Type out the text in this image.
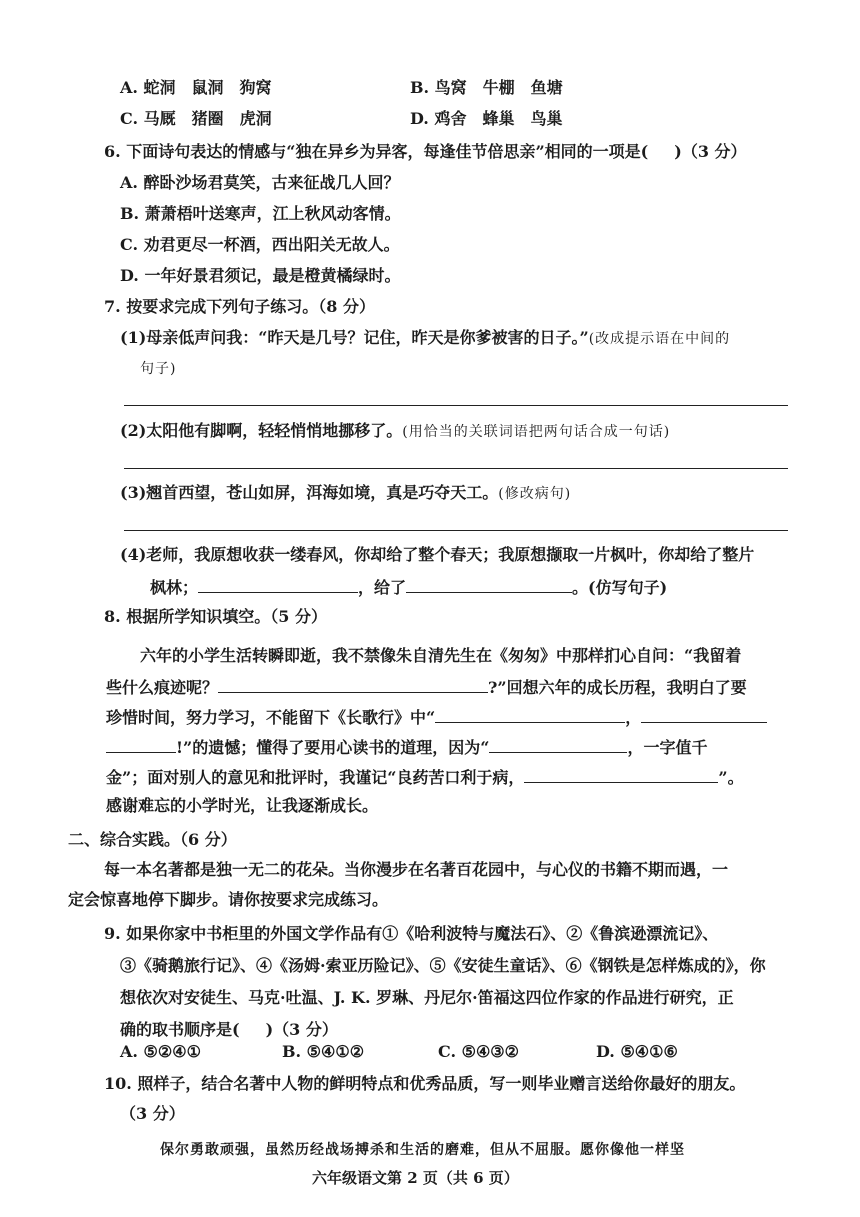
A. 蛇洞　鼠洞　狗窝	B. 鸟窝　牛棚　鱼塘
C. 马厩　猪圈　虎洞	D. 鸡舍　蜂巢　鸟巢
6. 下面诗句表达的情感与“独在异乡为异客，每逢佳节倍思亲”相同的一项是( )（3 分）
A. 醉卧沙场君莫笑，古来征战几人回？
B. 萧萧梧叶送寒声，江上秋风动客情。
C. 劝君更尽一杯酒，西出阳关无故人。
D. 一年好景君须记，最是橙黄橘绿时。
7. 按要求完成下列句子练习。（8 分）
(1)母亲低声问我：“昨天是几号？记住，昨天是你爹被害的日子。”(改成提示语在中间的
句子)
(2)太阳他有脚啊，轻轻悄悄地挪移了。(用恰当的关联词语把两句话合成一句话)
(3)翘首西望，苍山如屏，洱海如境，真是巧夺天工。(修改病句)
(4)老师，我原想收获一缕春风，你却给了整个春天；我原想撷取一片枫叶，你却给了整片
枫林；	，给了	。(仿写句子)
8. 根据所学知识填空。（5 分）
六年的小学生活转瞬即逝，我不禁像朱自清先生在《匆匆》中那样扪心自问：“我留着
些什么痕迹呢？	?”回想六年的成长历程，我明白了要
珍惜时间，努力学习，不能留下《长歌行》中“	，
!”的遗憾；懂得了要用心读书的道理，因为“	，一字值千
金”；面对别人的意见和批评时，我谨记“良药苦口利于病，	”。
感谢难忘的小学时光，让我逐渐成长。
二、综合实践。（6 分）
每一本名著都是独一无二的花朵。当你漫步在名著百花园中，与心仪的书籍不期而遇，一
定会惊喜地停下脚步。请你按要求完成练习。
9. 如果你家中书柜里的外国文学作品有①《哈利波特与魔法石》、②《鲁滨逊漂流记》、
③《骑鹅旅行记》、④《汤姆·索亚历险记》、⑤《安徒生童话》、⑥《钢铁是怎样炼成的》，你
想依次对安徒生、马克·吐温、J. K. 罗琳、丹尼尔·笛福这四位作家的作品进行研究，正
确的取书顺序是( )（3 分）
A. ⑤②④①	B. ⑤④①②	C. ⑤④③②	D. ⑤④①⑥
10. 照样子，结合名著中人物的鲜明特点和优秀品质，写一则毕业赠言送给你最好的朋友。
（3 分）
保尔勇敢顽强，虽然历经战场搏杀和生活的磨难，但从不屈服。愿你像他一样坚
六年级语文第 2 页（共 6 页）
